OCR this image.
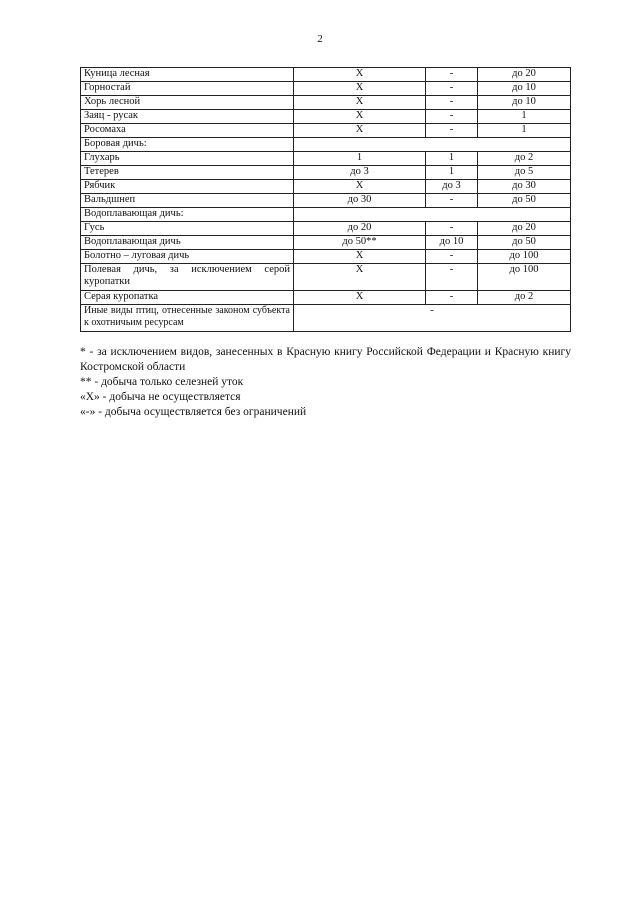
2
Куница лесная	Х	-	до 20
Горностай	Х	-	до 10
Хорь лесной	Х	-	до 10
Заяц - русак	Х	-	1
Росомаха	Х	-	1
Боровая дичь:			
Глухарь	1	1	до 2
Тетерев	до 3	1	до 5
Рябчик	Х	до 3	до 30
Вальдшнеп	до 30	-	до 50
Водоплавающая дичь:			
Гусь	до 20	-	до 20
Водоплавающая дичь	до 50**	до 10	до 50
Болотно – луговая дичь	Х	-	до 100
Полевая дичь, за исключением серой куропатки	Х	-	до 100
Серая куропатка	Х	-	до 2
Иные виды птиц, отнесенные законом субъекта к охотничьим ресурсам	-		

* - за исключением видов, занесенных в Красную книгу Российской Федерации и Красную книгу Костромской области

** - добыча только селезней уток

«Х» - добыча не осуществляется

«-» - добыча осуществляется без ограничений
